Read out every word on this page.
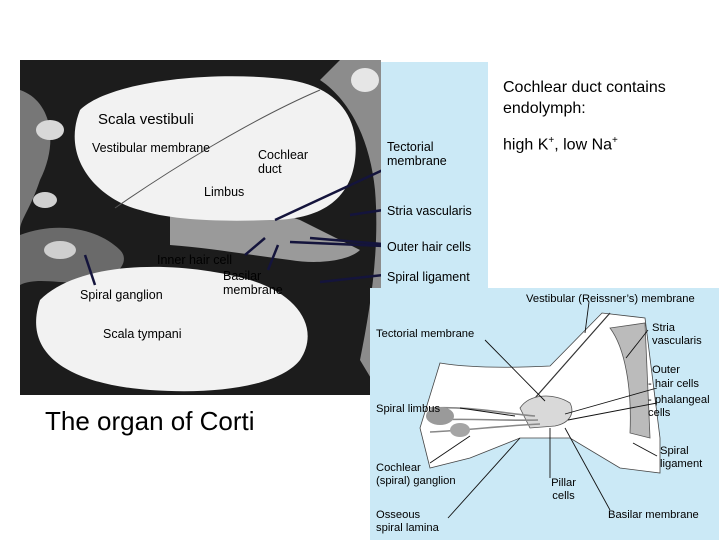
Scala vestibuli
Vestibular membrane	Cochlear duct
Limbus
Tectorial membrane
Stria vascularis
Outer hair cells
Inner hair cell
Basilar membrane
Spiral ligament
Spiral ganglion
Scala tympani
Cochlear duct contains endolymph:
high K+, low Na+
The organ of Corti
Vestibular (Reissner’s) membrane
Tectorial membrane	Stria vascularis
Outer
- hair cells
- phalangeal cells
Spiral limbus
Spiral ligament
Cochlear (spiral) ganglion	Pillar cells
Osseous spiral lamina
Basilar membrane
